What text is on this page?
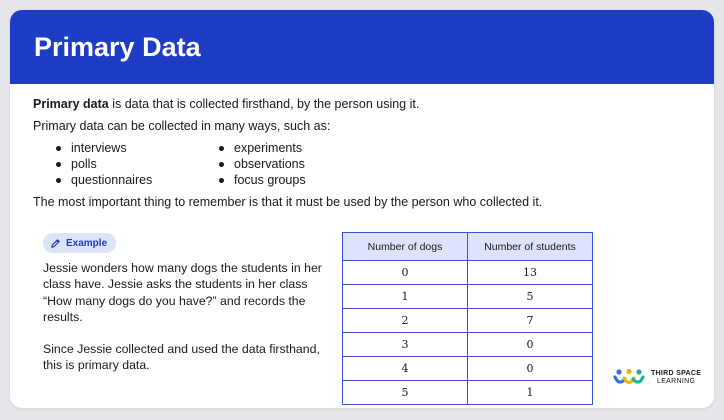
Primary Data

Primary data is data that is collected firsthand, by the person using it.

Primary data can be collected in many ways, such as:

interviews
polls
questionnaires
experiments
observations
focus groups

The most important thing to remember is that it must be used by the person who collected it.

Example

Jessie wonders how many dogs the students in her class have. Jessie asks the students in her class “How many dogs do you have?” and records the results.

Since Jessie collected and used the data firsthand, this is primary data.

Number of dogs	Number of students
0	13
1	5
2	7
3	0
4	0
5	1
THIRD SPACE
LEARNING
